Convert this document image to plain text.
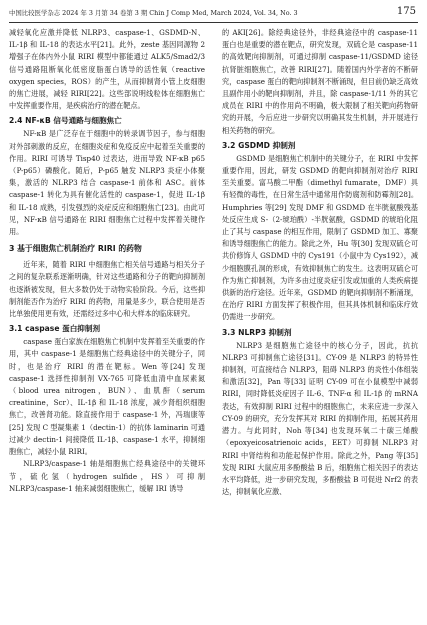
中国比较医学杂志 2024 年 3 月第 34 卷第 3 期 Chin J Comp Med, March 2024, Vol. 34, No. 3	175

减轻氧化应激并降低 NLRP3、caspase-1、GSDMD-N、IL-1β 和 IL-18 的表达水平[21]。此外，zeste 基因同源物 2 增强子在体内外小鼠 RIRI 模型中都能通过 ALK5/Smad2/3 信号通路阻断氧化低密度脂蛋白诱导的活性氧（reactive oxygen species，ROS）的产生，从而抑制肾小管上皮细胞的焦亡进展，减轻 RIRI[22]。这些部说明线粒体在细胞焦亡中发挥重要作用，是疾病治疗的潜在靶点。

2.4 NF-κB 信号通路与细胞焦亡

NF-κB 是广泛存在于细胞中的转录调节因子，参与细胞对外部刺激的反应，在细胞炎症和免疫反应中起着至关重要的作用。RIRI 可诱导 Tisp40 过表达，进而导致 NF-κB p65（P-p65）磷酸化。随后，P-p65 触发 NLRP3 炎症小体聚集，激活的 NLRP3 结合 caspase-1 前体和 ASC。前体 caspase-1 转化为具有催化活性的 caspase-1，促进 IL-1β 和 IL-18 成熟，引发强烈的炎症反应和细胞焦亡[23]。由此可见，NF-κB 信号通路在 RIRI 细胞焦亡过程中发挥着关键作用。

3 基于细胞焦亡机制治疗 RIRI 的药物

近年来，随着 RIRI 中细胞焦亡相关信号通路与相关分子之间的复杂联系逐渐明确，针对这些通路和分子的靶向抑制剂也逐渐被发现，但大多数仍处于动物实验阶段。今后，这些抑制剂能否作为治疗 RIRI 的药物，用量是多少，联合使用是否比单独使用更有效，还需经过多中心和大样本的临床研究。

3.1 caspase 蛋白抑制剂

caspase 蛋白家族在细胞焦亡机制中发挥着至关重要的作用，其中 caspase-1 是细胞焦亡经典途径中的关键分子，同时，也是治疗 RIRI 的潜在靶标。Wen 等[24] 发现 caspase-1 选择性抑制剂 VX-765 可降低血清中血尿素氮（blood urea nitrogen，BUN）、血肌酐（serum creatinine，Scr）、IL-1β 和 IL-18 浓度，减少肾组织细胞焦亡，改善肾功能。除直接作用于 caspase-1 外，冯瑞康等[25] 发现 C 型凝集素 1（dectin-1）的抗体 laminarin 可通过减少 dectin-1 间接降低 IL-1β、caspase-1 水平，抑制细胞焦亡，减轻小鼠 RIRI。

NLRP3/caspase-1 轴是细胞焦亡经典途径中的关键环节，硫化氢（hydrogen sulfide，HS）可抑制 NLRP3/caspase-1 轴来减弱细胞焦亡，缓解 IRI 诱导

的 AKI[26]。除经典途径外，非经典途径中的 caspase-11 蛋白也是重要的潜在靶点，研究发现，双硫仑是 caspase-11 的高效靶向抑制剂，可通过抑制 caspase-11/GSDMD 途径抗肾脏细胞焦亡，改善 RIRI[27]。随着国内外学者的不断研究，caspase 蛋白的靶向抑制剂不断涌现，但目前仍缺乏高效且副作用小的靶向抑制剂，并且，除 caspase-1/11 外的其它成员在 RIRI 中的作用尚不明确，极大限制了相关靶向药物研究的开展，今后应进一步研究以明确其发生机制，并开展进行相关药物的研究。

3.2 GSDMD 抑制剂

GSDMD 是细胞焦亡机制中的关键分子，在 RIRI 中发挥重要作用，因此，研发 GSDMD 的靶向抑制剂对治疗 RIRI 至关重要。富马酸二甲酯（dimethyl fumarate，DMF）具有轻微的毒性，在日常生活中通常用作防腐剂和防霉剂[28]。Humphries 等[29] 发现 DMF 和 GSDMD 在半胱氨酸残基处反应生成 S-（2-琥珀酰）-半胱氨酸，GSDMD 的琥珀化阻止了其与 caspase 的相互作用，限制了 GSDMD 加工、寡聚和诱导细胞焦亡的能力。除此之外，Hu 等[30] 发现双硫仑可共价修饰人 GSDMD 中的 Cys191（小鼠中为 Cys192），减少细胞膜孔洞的形成，有效抑制焦亡的发生。这表明双硫仑可作为焦亡抑制剂，为许多由过度炎症引发或加重的人类疾病提供新的治疗途径。近年来，GSDMD 的靶向抑制剂不断涌现，在治疗 RIRI 方面发挥了积极作用，但其具体机制和临床疗效仍需进一步研究。

3.3 NLRP3 抑制剂

NLRP3 是细胞焦亡途径中的核心分子，因此，抗抗 NLRP3 可抑制焦亡途径[31]。CY-09 是 NLRP3 的特异性抑制剂，可直接结合 NLRP3，阻碍 NLRP3 的炎性小体组装和激活[32]，Pan 等[33] 证明 CY-09 可在小鼠模型中减弱 RIRI，同时降低炎症因子 IL-6、TNF-α 和 IL-1β 的 mRNA 表达，有效抑制 RIRI 过程中的细胞焦亡，未来应进一步深入 CY-09 的研究，充分发挥其对 RIRI 的抑制作用，拓展其药用潜力。与此同时，Noh 等[34] 也发现环氧二十碳三烯酸（epoxyeicosatrienoic acids，EET）可抑制 NLRP3 对 RIRI 中肾结构和功能起保护作用。除此之外，Pang 等[35] 发现 RIRI 大鼠应用多酚酸盐 B 后，细胞焦亡相关因子的表达水平均降低，进一步研究发现，多酚酸盐 B 可促进 Nrf2 的表达，抑制氧化应激、
